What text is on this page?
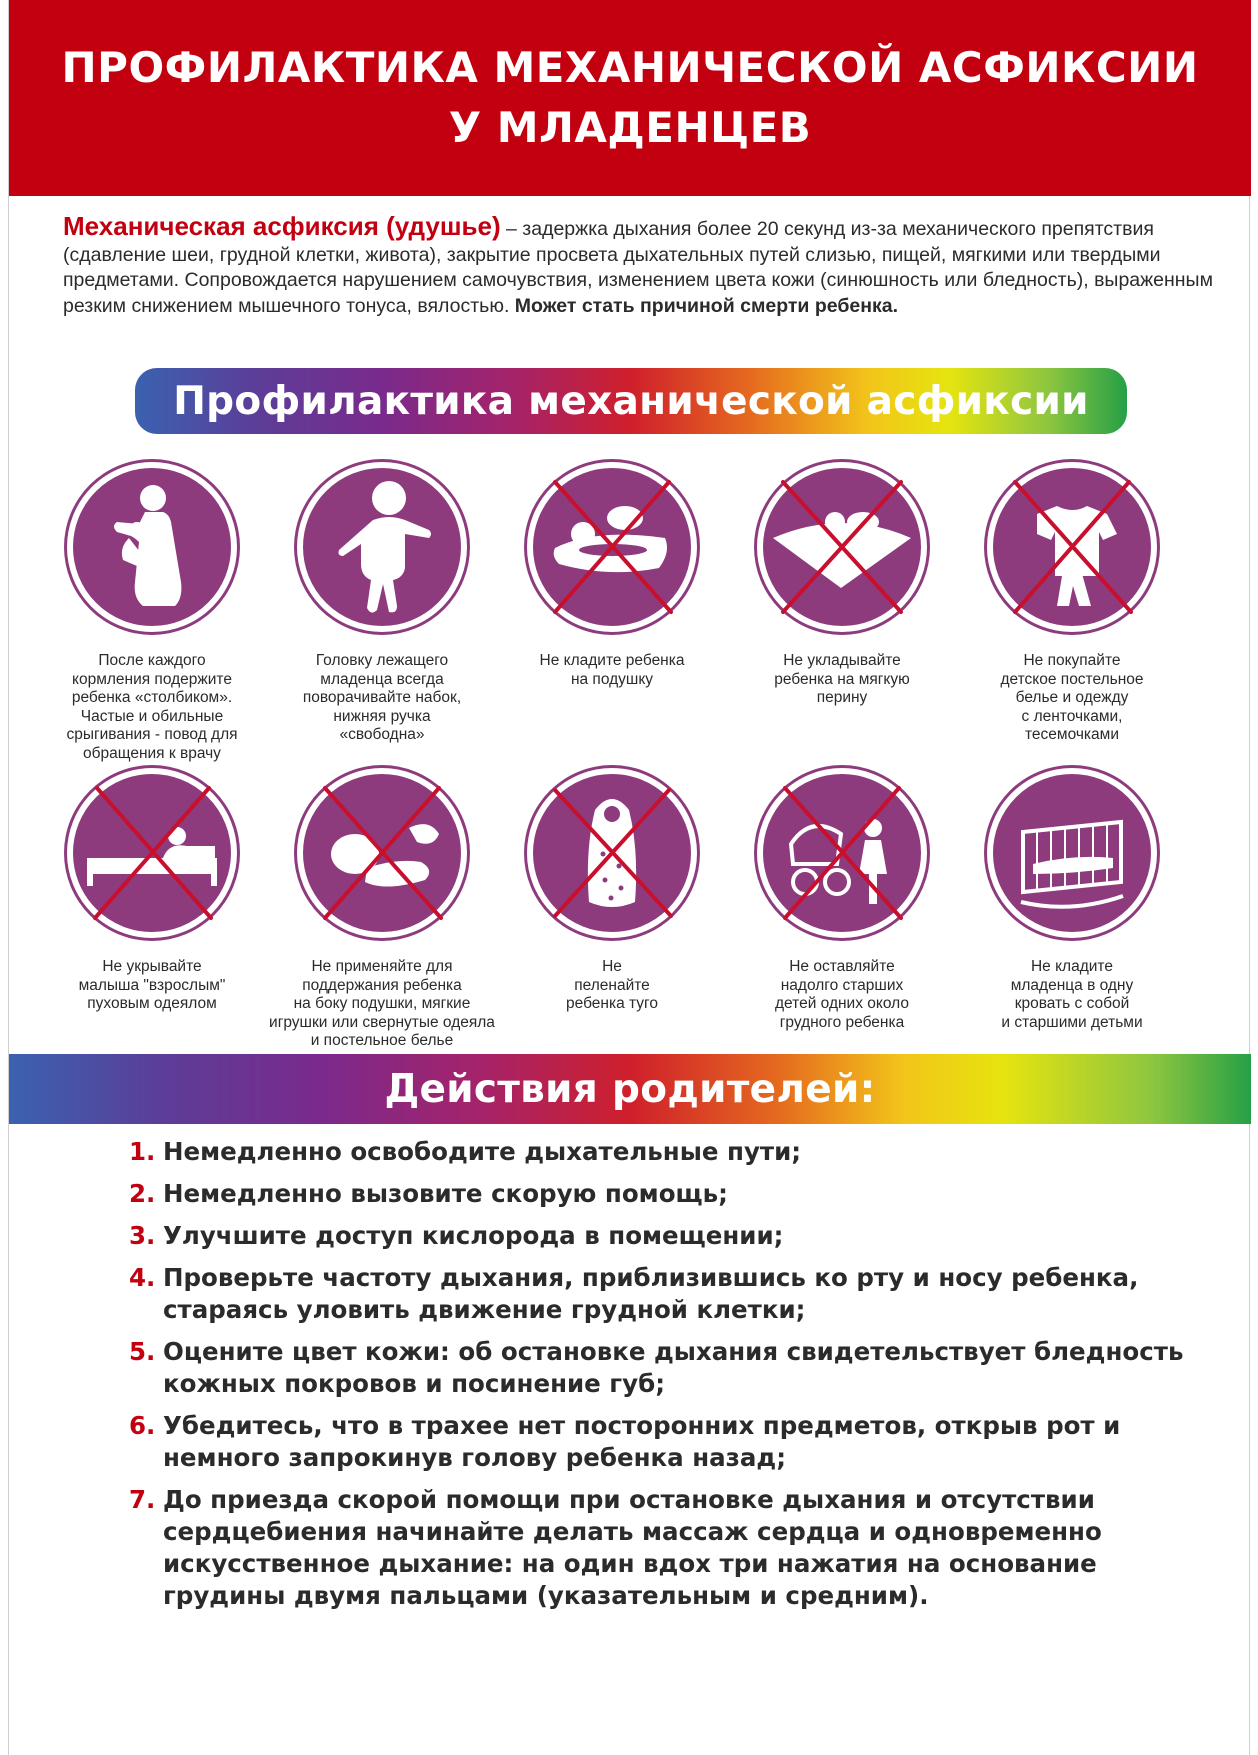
ПРОФИЛАКТИКА МЕХАНИЧЕСКОЙ АСФИКСИИ
У МЛАДЕНЦЕВ

Механическая асфиксия (удушье) – задержка дыхания более 20 секунд из-за механического препятствия (сдавление шеи, грудной клетки, живота), закрытие просвета дыхательных путей слизью, пищей, мягкими или твердыми предметами. Сопровождается нарушением самочувствия, изменением цвета кожи (синюшность или бледность), выраженным резким снижением мышечного тонуса, вялостью. Может стать причиной смерти ребенка.

Профилактика механической асфиксии
После каждого
кормления подержите
ребенка «столбиком».
Частые и обильные
срыгивания - повод для
обращения к врачу
Головку лежащего
младенца всегда
поворачивайте набок,
нижняя ручка
«свободна»
Не кладите ребенка
на подушку
Не укладывайте
ребенка на мягкую
перину
Не покупайте
детское постельное
белье и одежду
с ленточками,
тесемочками
Не укрывайте
малыша "взрослым"
пуховым одеялом
Не применяйте для
поддержания ребенка
на боку подушки, мягкие
игрушки или свернутые одеяла
и постельное белье
Не
пеленайте
ребенка туго
Не оставляйте
надолго старших
детей одних около
грудного ребенка
Не кладите
младенца в одну
кровать с собой
и старшими детьми
Действия родителей:
1. Немедленно освободите дыхательные пути;
2. Немедленно вызовите скорую помощь;
3. Улучшите доступ кислорода в помещении;
4. Проверьте частоту дыхания, приблизившись ко рту и носу ребенка,
стараясь уловить движение грудной клетки;
5. Оцените цвет кожи: об остановке дыхания свидетельствует бледность
кожных покровов и посинение губ;
6. Убедитесь, что в трахее нет посторонних предметов, открыв рот и
немного запрокинув голову ребенка назад;
7. До приезда скорой помощи при остановке дыхания и отсутствии
сердцебиения начинайте делать массаж сердца и одновременно
искусственное дыхание: на один вдох три нажатия на основание
грудины двумя пальцами (указательным и средним).
